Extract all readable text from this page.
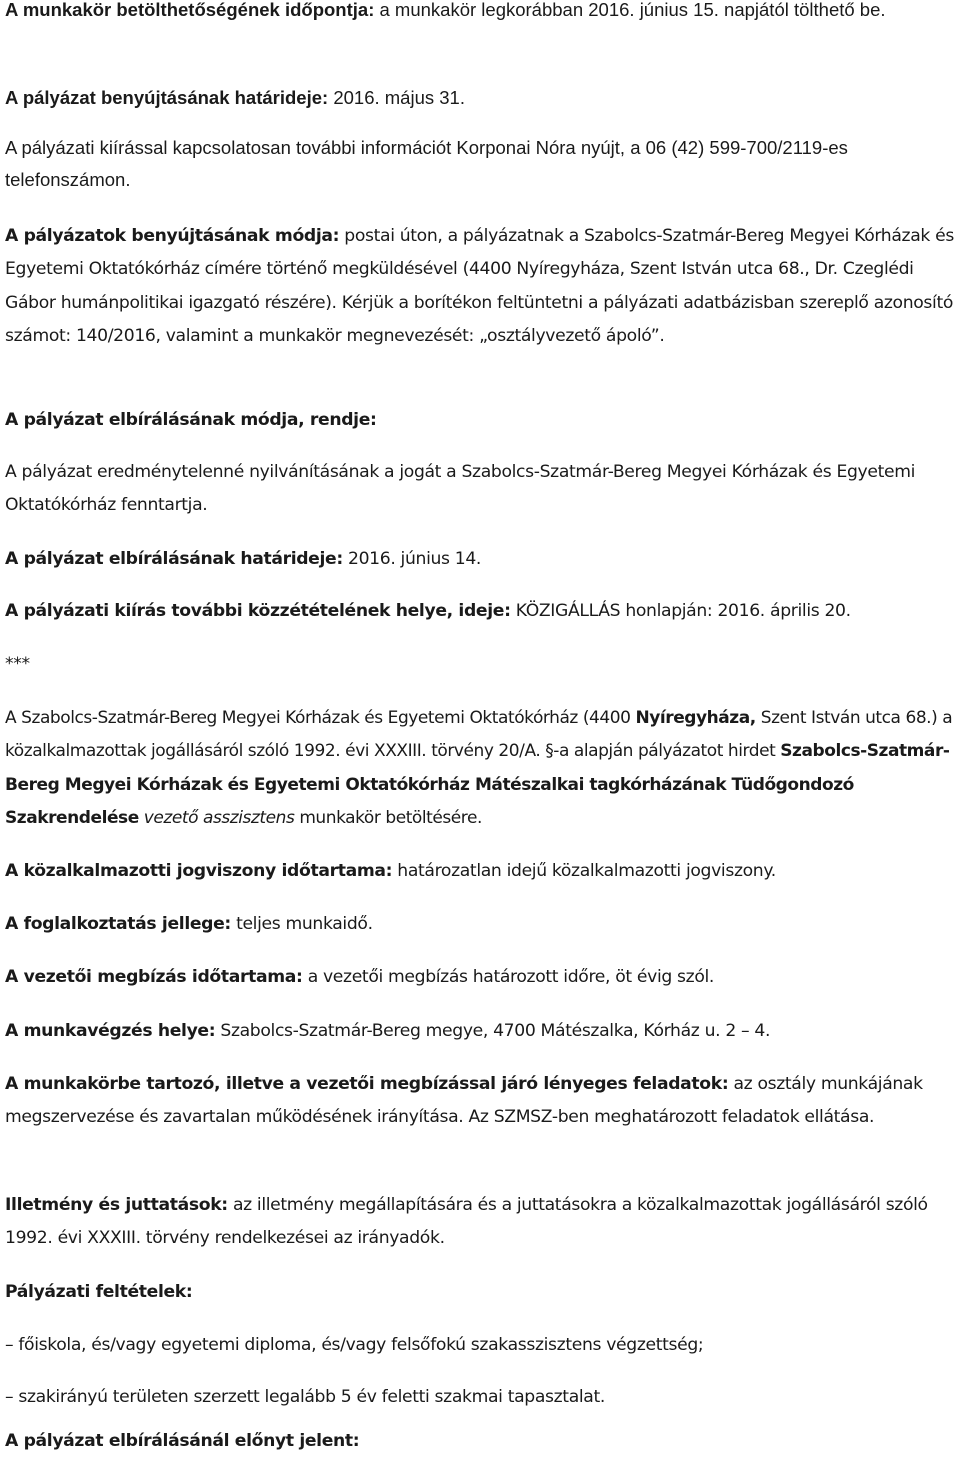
A munkakör betölthetőségének időpontja: a munkakör legkorábban 2016. június 15. napjától tölthető be.

A pályázat benyújtásának határideje: 2016. május 31.

A pályázati kiírással kapcsolatosan további információt Korponai Nóra nyújt, a 06 (42) 599-700/2119-es telefonszámon.

A pályázatok benyújtásának módja: postai úton, a pályázatnak a Szabolcs-Szatmár-Bereg Megyei Kórházak és Egyetemi Oktatókórház címére történő megküldésével (4400 Nyíregyháza, Szent István utca 68., Dr. Czeglédi Gábor humánpolitikai igazgató részére). Kérjük a borítékon feltüntetni a pályázati adatbázisban szereplő azonosító számot: 140/2016, valamint a munkakör megnevezését: „osztályvezető ápoló”.

A pályázat elbírálásának módja, rendje:

A pályázat eredménytelenné nyilvánításának a jogát a Szabolcs-Szatmár-Bereg Megyei Kórházak és Egyetemi Oktatókórház fenntartja.

A pályázat elbírálásának határideje: 2016. június 14.

A pályázati kiírás további közzétételének helye, ideje: KÖZIGÁLLÁS honlapján: 2016. április 20.

***

A Szabolcs-Szatmár-Bereg Megyei Kórházak és Egyetemi Oktatókórház (4400 Nyíregyháza, Szent István utca 68.) a közalkalmazottak jogállásáról szóló 1992. évi XXXIII. törvény 20/A. §-a alapján pályázatot hirdet Szabolcs-Szatmár-Bereg Megyei Kórházak és Egyetemi Oktatókórház Mátészalkai tagkórházának Tüdőgondozó Szakrendelése vezető asszisztens munkakör betöltésére.

A közalkalmazotti jogviszony időtartama: határozatlan idejű közalkalmazotti jogviszony.

A foglalkoztatás jellege: teljes munkaidő.

A vezetői megbízás időtartama: a vezetői megbízás határozott időre, öt évig szól.

A munkavégzés helye: Szabolcs-Szatmár-Bereg megye, 4700 Mátészalka, Kórház u. 2 – 4.

A munkakörbe tartozó, illetve a vezetői megbízással járó lényeges feladatok: az osztály munkájának megszervezése és zavartalan működésének irányítása. Az SZMSZ-ben meghatározott feladatok ellátása.

Illetmény és juttatások: az illetmény megállapítására és a juttatásokra a közalkalmazottak jogállásáról szóló 1992. évi XXXIII. törvény rendelkezései az irányadók.

Pályázati feltételek:

– főiskola, és/vagy egyetemi diploma, és/vagy felsőfokú szakasszisztens végzettség;

– szakirányú területen szerzett legalább 5 év feletti szakmai tapasztalat.

A pályázat elbírálásánál előnyt jelent:
